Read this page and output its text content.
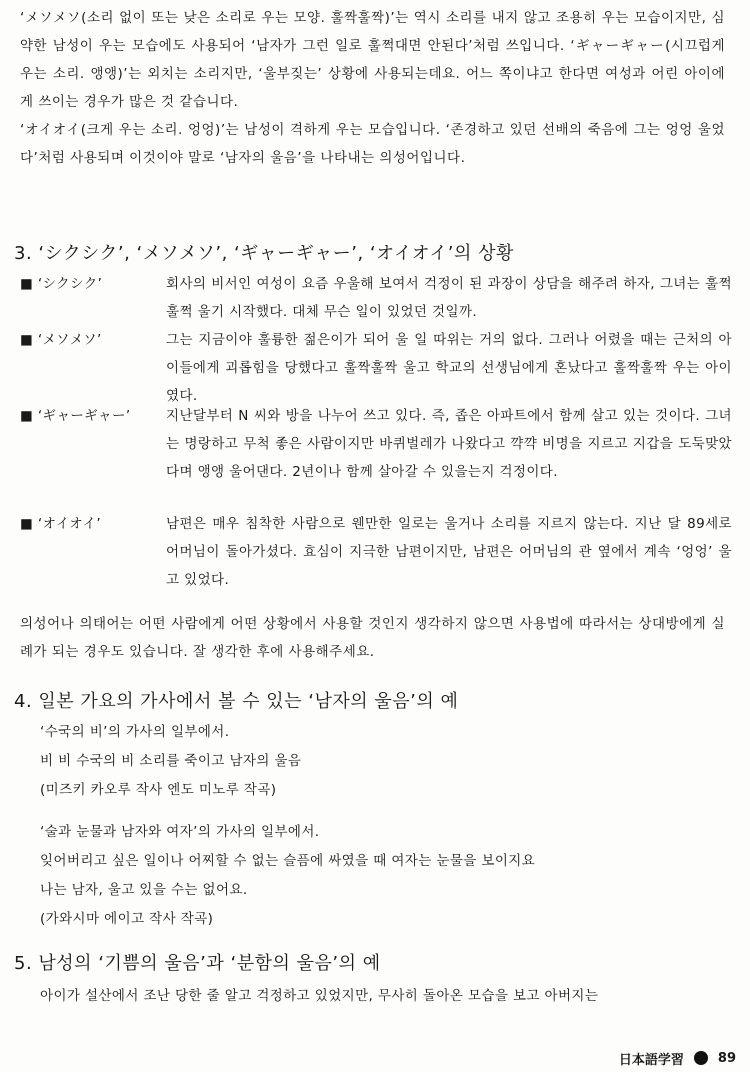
‘メソメソ(소리 없이 또는 낮은 소리로 우는 모양. 훌짝훌짝)’는 역시 소리를 내지 않고 조용히 우는 모습이지만, 심약한 남성이 우는 모습에도 사용되어 ‘남자가 그런 일로 훌쩍대면 안된다’처럼 쓰입니다. ‘ギャーギャー(시끄럽게 우는 소리. 앵앵)’는 외치는 소리지만, ‘울부짖는’ 상황에 사용되는데요. 어느 쪽이냐고 한다면 여성과 어린 아이에게 쓰이는 경우가 많은 것 같습니다.

‘オイオイ(크게 우는 소리. 엉엉)’는 남성이 격하게 우는 모습입니다. ‘존경하고 있던 선배의 죽음에 그는 엉엉 울었다’처럼 사용되며 이것이야 말로 ‘남자의 울음’을 나타내는 의성어입니다.

3. ‘シクシク’, ‘メソメソ’, ‘ギャーギャー’, ‘オイオイ’의 상황
■ ‘シクシク’	회사의 비서인 여성이 요즘 우울해 보여서 걱정이 된 과장이 상담을 해주려 하자, 그녀는 훌쩍훌쩍 울기 시작했다. 대체 무슨 일이 있었던 것일까.
■ ‘メソメソ’	그는 지금이야 훌륭한 젊은이가 되어 울 일 따위는 거의 없다. 그러나 어렸을 때는 근처의 아이들에게 괴롭힘을 당했다고 훌짝훌짝 울고 학교의 선생님에게 혼났다고 훌짝훌짝 우는 아이였다.
■ ‘ギャーギャー’	지난달부터 N 씨와 방을 나누어 쓰고 있다. 즉, 좁은 아파트에서 함께 살고 있는 것이다. 그녀는 명랑하고 무척 좋은 사람이지만 바퀴벌레가 나왔다고 꺅꺅 비명을 지르고 지갑을 도둑맞았다며 앵앵 울어댄다. 2년이나 함께 살아갈 수 있을는지 걱정이다.
■ ‘オイオイ’	남편은 매우 침착한 사람으로 웬만한 일로는 울거나 소리를 지르지 않는다. 지난 달 89세로 어머님이 돌아가셨다. 효심이 지극한 남편이지만, 남편은 어머님의 관 옆에서 계속 ‘엉엉’ 울고 있었다.
의성어나 의태어는 어떤 사람에게 어떤 상황에서 사용할 것인지 생각하지 않으면 사용법에 따라서는 상대방에게 실례가 되는 경우도 있습니다. 잘 생각한 후에 사용해주세요.
4. 일본 가요의 가사에서 볼 수 있는 ‘남자의 울음’의 예
‘수국의 비’의 가사의 일부에서.
비 비 수국의 비 소리를 죽이고 남자의 울음
(미즈키 카오루 작사 엔도 미노루 작곡)
‘술과 눈물과 남자와 여자’의 가사의 일부에서.
잊어버리고 싶은 일이나 어찌할 수 없는 슬픔에 싸였을 때 여자는 눈물을 보이지요
나는 남자, 울고 있을 수는 없어요.
(가와시마 에이고 작사 작곡)
5. 남성의 ‘기쁨의 울음’과 ‘분함의 울음’의 예
아이가 설산에서 조난 당한 줄 알고 걱정하고 있었지만, 무사히 돌아온 모습을 보고 아버지는
日本語学習	89
